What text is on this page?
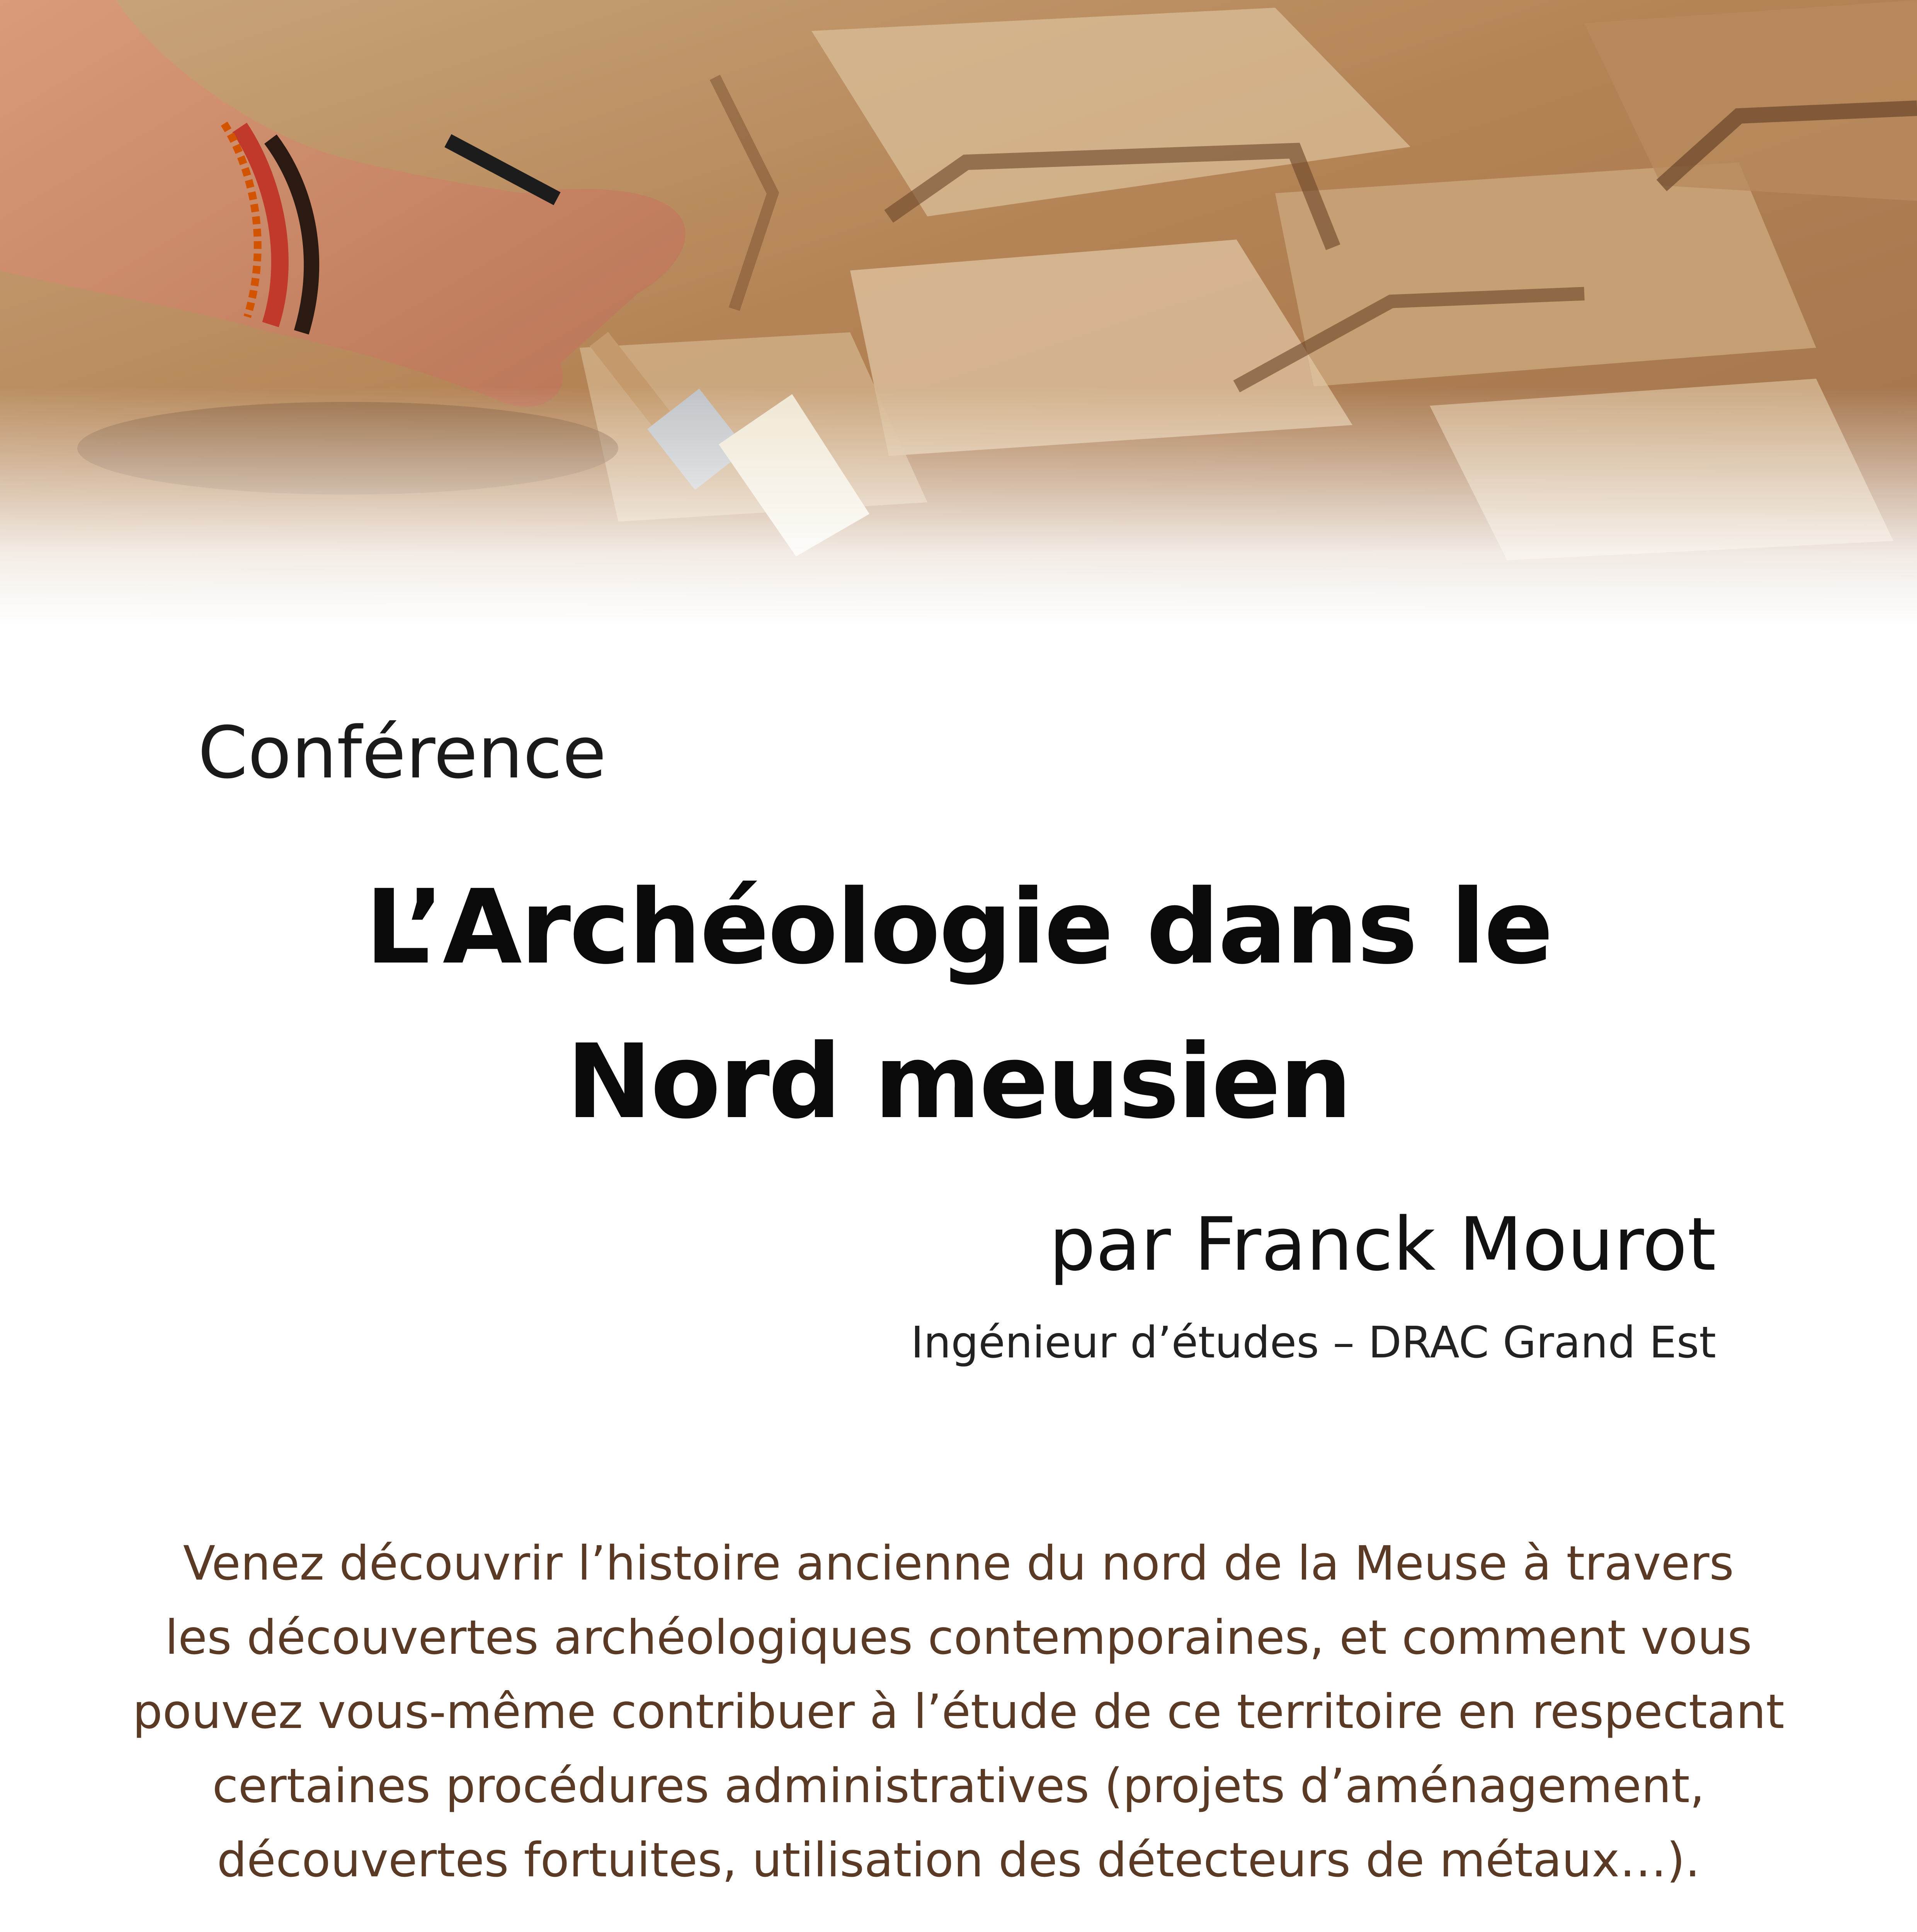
Conférence
L’Archéologie dans le
Nord meusien
par Franck Mourot
Ingénieur d’études – DRAC Grand Est
Venez découvrir l’histoire ancienne du nord de la Meuse à travers
les découvertes archéologiques contemporaines, et comment vous
pouvez vous-même contribuer à l’étude de ce territoire en respectant
certaines procédures administratives (projets d’aménagement,
découvertes fortuites, utilisation des détecteurs de métaux…).
